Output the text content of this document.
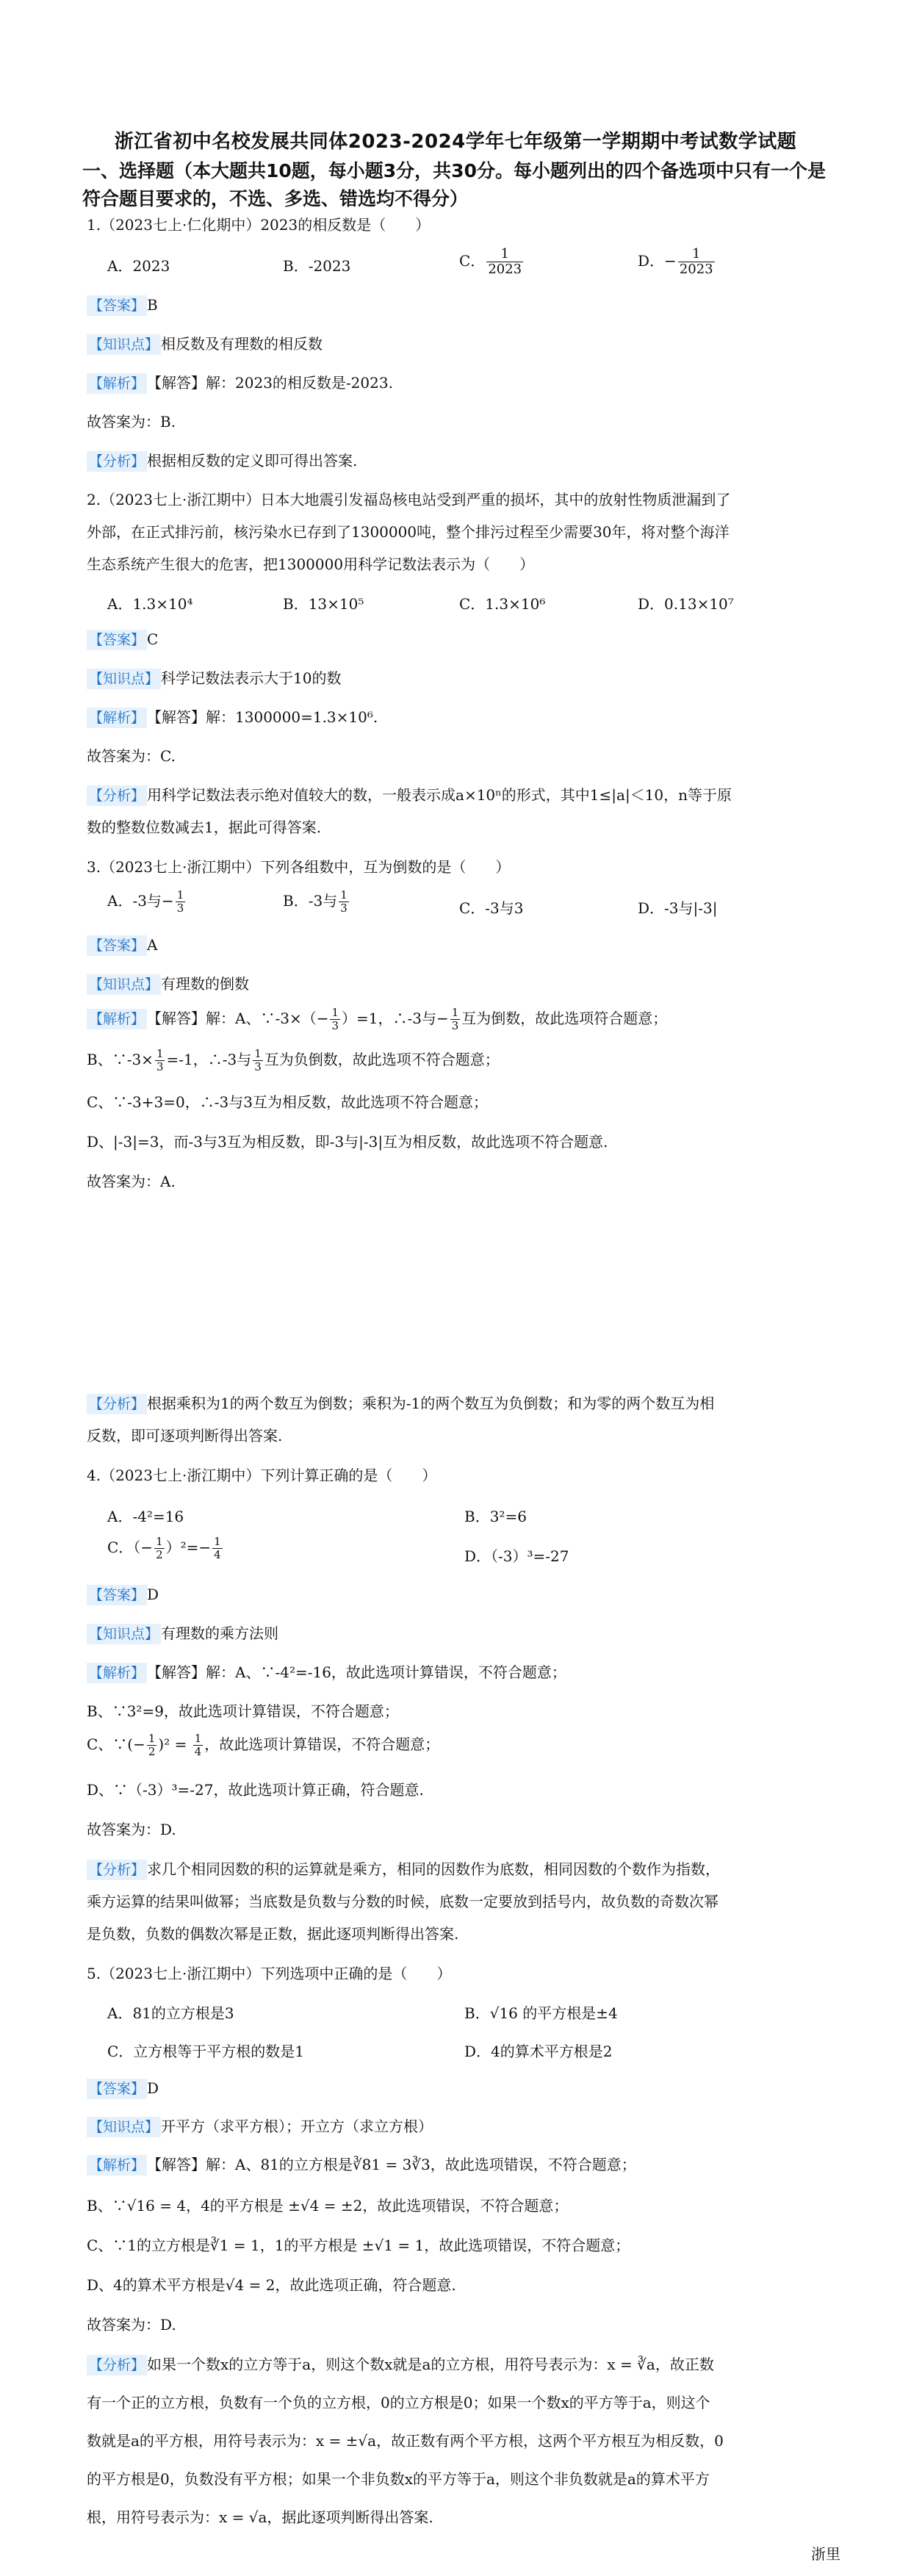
浙江省初中名校发展共同体2023-2024学年七年级第一学期期中考试数学试题
一、选择题（本大题共10题，每小题3分，共30分。每小题列出的四个备选项中只有一个是符合题目要求的，不选、多选、错选均不得分）
1.（2023七上·仁化期中）2023的相反数是（　　）
A．2023	B．-2023	C． $\frac{1}{2023}$	D．− $\frac{1}{2023}$
【答案】 B
【知识点】 相反数及有理数的相反数
【解析】 【解答】解：2023的相反数是-2023.
故答案为：B.
【分析】 根据相反数的定义即可得出答案.
2.（2023七上·浙江期中）日本大地震引发福岛核电站受到严重的损坏，其中的放射性物质泄漏到了
外部，在正式排污前，核污染水已存到了1300000吨，整个排污过程至少需要30年，将对整个海洋
生态系统产生很大的危害，把1300000用科学记数法表示为（　　）
A．1.3×10⁴	B．13×10⁵	C．1.3×10⁶	D．0.13×10⁷
【答案】 C
【知识点】 科学记数法表示大于10的数
【解析】 【解答】解：1300000=1.3×10⁶.
故答案为：C.
【分析】 用科学记数法表示绝对值较大的数，一般表示成a×10ⁿ的形式，其中1≤|a|＜10，n等于原
数的整数位数减去1，据此可得答案.
3.（2023七上·浙江期中）下列各组数中，互为倒数的是（　　）
A．-3与− $\frac{1}{3}$	B．-3与 $\frac{1}{3}$	C．-3与3	D．-3与|-3|
【答案】 A
【知识点】 有理数的倒数
【解析】 【解答】解：A、∵-3×（− $\frac{1}{3} )=1$，∴-3与− $\frac{1}{3}$ 互为倒数，故此选项符合题意；
B、∵-3× $\frac{1}{3} =-1$，∴-3与 $\frac{1}{3}$ 互为负倒数，故此选项不符合题意；
C、∵-3+3=0，∴-3与3互为相反数，故此选项不符合题意；
D、|-3|=3，而-3与3互为相反数，即-3与|-3|互为相反数，故此选项不符合题意.
故答案为：A.
【分析】 根据乘积为1的两个数互为倒数；乘积为-1的两个数互为负倒数；和为零的两个数互为相
反数，即可逐项判断得出答案.
4.（2023七上·浙江期中）下列计算正确的是（　　）
A．-4²=16	B．3²=6
C．（− $\frac{1}{2} )^2=- \frac{1}{4}$	D．（-3）³=-27
【答案】 D
【知识点】 有理数的乘方法则
【解析】 【解答】解：A、∵-4²=-16，故此选项计算错误，不符合题意；
B、∵3²=9，故此选项计算错误，不符合题意；
C、∵(− $\frac{1}{2} )^2 = \frac{1}{4}$ ，故此选项计算错误，不符合题意；
D、∵（-3）³=-27，故此选项计算正确，符合题意.
故答案为：D.
【分析】 求几个相同因数的积的运算就是乘方，相同的因数作为底数，相同因数的个数作为指数，
乘方运算的结果叫做幂；当底数是负数与分数的时候，底数一定要放到括号内，故负数的奇数次幂
是负数，负数的偶数次幂是正数，据此逐项判断得出答案.
5.（2023七上·浙江期中）下列选项中正确的是（　　）
A．81的立方根是3	B．√16 的平方根是±4
C．立方根等于平方根的数是1	D．4的算术平方根是2
【答案】 D
【知识点】 开平方（求平方根）；开立方（求立方根）
【解析】 【解答】解：A、81的立方根是∛81 = 3∛3，故此选项错误，不符合题意；
B、∵√16 = 4，4的平方根是 ±√4 = ±2，故此选项错误，不符合题意；
C、∵1的立方根是∛1 = 1，1的平方根是 ±√1 = 1，故此选项错误，不符合题意；
D、4的算术平方根是√4 = 2，故此选项正确，符合题意.
故答案为：D.
【分析】 如果一个数x的立方等于a，则这个数x就是a的立方根，用符号表示为：x = ∛a，故正数
有一个正的立方根，负数有一个负的立方根，0的立方根是0；如果一个数x的平方等于a，则这个
数就是a的平方根，用符号表示为：x = ±√a，故正数有两个平方根，这两个平方根互为相反数，0
的平方根是0，负数没有平方根；如果一个非负数x的平方等于a，则这个非负数就是a的算术平方
根，用符号表示为：x = √a，据此逐项判断得出答案.
浙里
